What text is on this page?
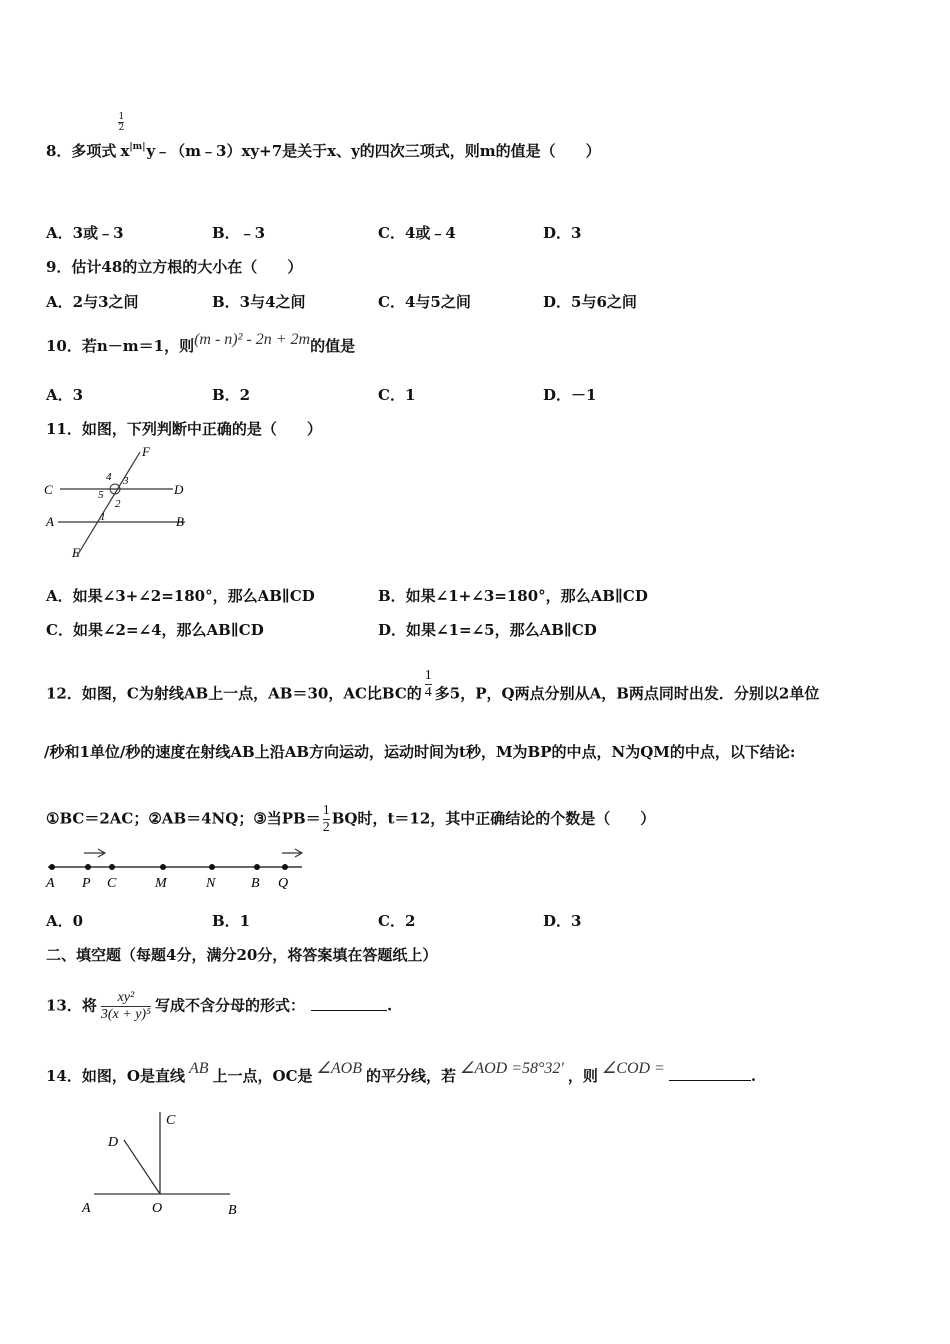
8．多项式
1
2
$x^{|m|}y﹣(m﹣3)xy+7$是关于x、y的四次三项式，则m的值是（　　）
A．3或﹣3	B．﹣3	C．4或﹣4	D．3
9．估计48的立方根的大小在（　　）
A．2与3之间	B．3与4之间	C．4与5之间	D．5与6之间
10．若n－m＝1，则(m - n)² - 2n + 2m的值是
A．3	B．2	C．1	D．－1
11．如图，下列判断中正确的是（　　）
F
C	D
A	B
E
4 3
5
2
1
A．如果∠3+∠2=180°，那么AB∥CD	B．如果∠1+∠3=180°，那么AB∥CD
C．如果∠2=∠4，那么AB∥CD	D．如果∠1=∠5，那么AB∥CD
12．如图，C为射线AB上一点，AB＝30，AC比BC的 $\frac{1}{4}$ 多5，P，Q两点分别从A，B两点同时出发．分别以2单位
/秒和1单位/秒的速度在射线AB上沿AB方向运动，运动时间为t秒，M为BP的中点，N为QM的中点，以下结论:
①BC＝2AC；②AB＝4NQ；③当$PB= \frac{1}{2}$ BQ时，t＝12，其中正确结论的个数是（　　）
A P C	M	N	B Q
A．0	B．1	C．2	D．3
二、填空题（每题4分，满分20分，将答案填在答题纸上）
13．将 $\frac{\text{xy²}}{\text{3(x + y)⁵}}$ 写成不含分母的形式：	.
14．如图，O是直线 AB 上一点，OC是 ∠AOB 的平分线，若 ∠AOD =58°32′ ，则 ∠COD =	.
C
D
A	O	B
